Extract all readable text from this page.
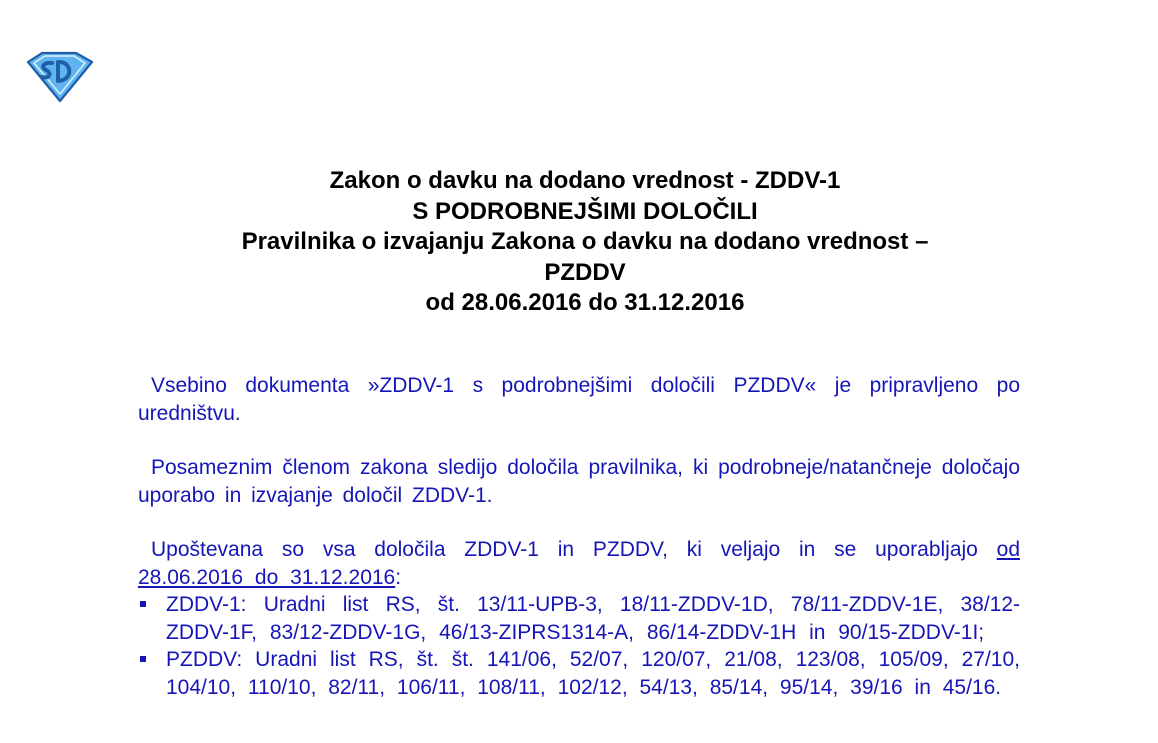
Zakon o davku na dodano vrednost - ZDDV-1
S PODROBNEJŠIMI DOLOČILI
Pravilnika o izvajanju Zakona o davku na dodano vrednost –
PZDDV
od 28.06.2016 do 31.12.2016

Vsebino dokumenta »ZDDV-1 s podrobnejšimi določili PZDDV« je pripravljeno po uredništvu.

Posameznim členom zakona sledijo določila pravilnika, ki podrobneje/natančneje določajo uporabo in izvajanje določil ZDDV-1.

Upoštevana so vsa določila ZDDV-1 in PZDDV, ki veljajo in se uporabljajo od 28.06.2016 do 31.12.2016:
ZDDV-1: Uradni list RS, št. 13/11-UPB-3, 18/11-ZDDV-1D, 78/11-ZDDV-1E, 38/12-ZDDV-1F, 83/12-ZDDV-1G, 46/13-ZIPRS1314-A, 86/14-ZDDV-1H in 90/15-ZDDV-1I;
PZDDV: Uradni list RS, št. št. 141/06, 52/07, 120/07, 21/08, 123/08, 105/09, 27/10, 104/10, 110/10, 82/11, 106/11, 108/11, 102/12, 54/13, 85/14, 95/14, 39/16 in 45/16.
